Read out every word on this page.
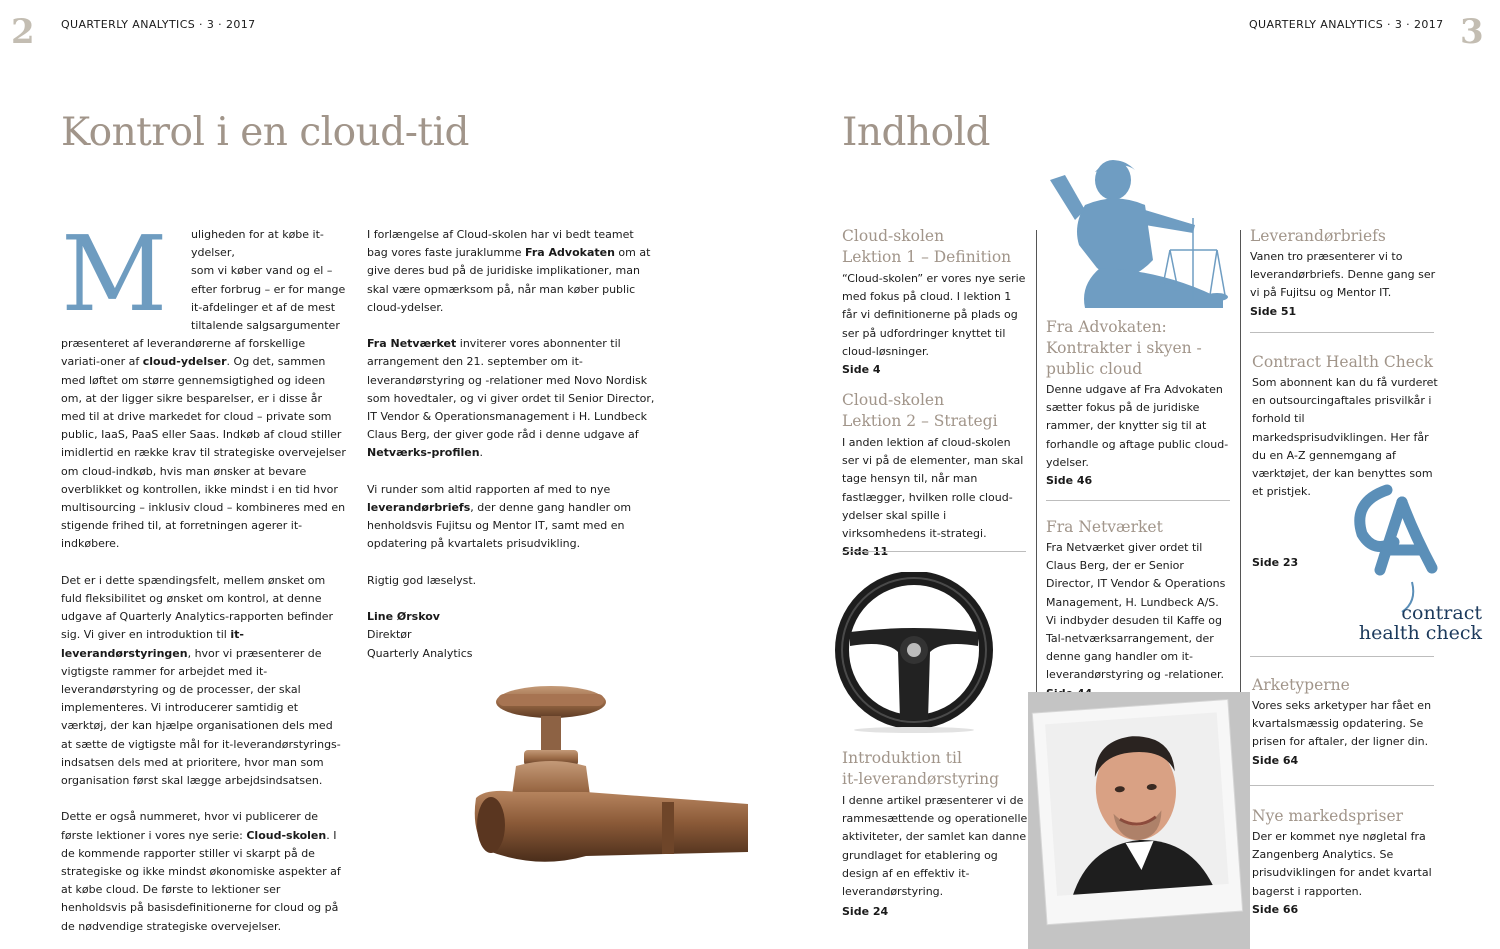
2 QUARTERLY ANALYTICS · 3 · 2017
Kontrol i en cloud-tid
M uligheden for at købe it-ydelser,
som vi køber vand og el –
efter forbrug – er for mange
it-afdelinger et af de mest
tiltalende salgsargumenter

præsenteret af leverandørerne af forskellige variati-oner af cloud-ydelser. Og det, sammen med løftet om større gennemsigtighed og ideen om, at der ligger sikre besparelser, er i disse år med til at drive markedet for cloud – private som public, IaaS, PaaS eller Saas. Indkøb af cloud stiller imidlertid en række krav til strategiske overvejelser om cloud-indkøb, hvis man ønsker at bevare overblikket og kontrollen, ikke mindst i en tid hvor multisourcing – inklusiv cloud – kombineres med en stigende frihed til, at forretningen agerer it-indkøbere.

Det er i dette spændingsfelt, mellem ønsket om fuld fleksibilitet og ønsket om kontrol, at denne udgave af Quarterly Analytics-rapporten befinder sig. Vi giver en introduktion til it-leverandørstyringen, hvor vi præsenterer de vigtigste rammer for arbejdet med it-leverandørstyring og de processer, der skal implementeres. Vi introducerer samtidig et værktøj, der kan hjælpe organisationen dels med at sætte de vigtigste mål for it-leverandørstyrings-indsatsen dels med at prioritere, hvor man som organisation først skal lægge arbejdsindsatsen.

Dette er også nummeret, hvor vi publicerer de første lektioner i vores nye serie: Cloud-skolen. I de kommende rapporter stiller vi skarpt på de strategiske og ikke mindst økonomiske aspekter af at købe cloud. De første to lektioner ser henholdsvis på basisdefinitionerne for cloud og på de nødvendige strategiske overvejelser.

I forlængelse af Cloud-skolen har vi bedt teamet bag vores faste juraklumme Fra Advokaten om at give deres bud på de juridiske implikationer, man skal være opmærksom på, når man køber public cloud-ydelser.

Fra Netværket inviterer vores abonnenter til arrangement den 21. september om it-leverandørstyring og -relationer med Novo Nordisk som hovedtaler, og vi giver ordet til Senior Director, IT Vendor & Operationsmanagement i H. Lundbeck Claus Berg, der giver gode råd i denne udgave af Netværks-profilen.

Vi runder som altid rapporten af med to nye leverandørbriefs, der denne gang handler om henholdsvis Fujitsu og Mentor IT, samt med en opdatering på kvartalets prisudvikling.

Rigtig god læselyst.

Line Ørskov
Direktør
Quarterly Analytics
QUARTERLY ANALYTICS · 3 · 2017 3
Indhold
Cloud-skolen
Lektion 1 – Definition
“Cloud-skolen” er vores nye serie med fokus på cloud. I lektion 1 får vi definitionerne på plads og ser på udfordringer knyttet til cloud-løsninger.
Side 4
Cloud-skolen
Lektion 2 – Strategi
I anden lektion af cloud-skolen ser vi på de elementer, man skal tage hensyn til, når man fastlægger, hvilken rolle cloud-ydelser skal spille i virksomhedens it-strategi.
Introduktion til
it-leverandørstyring
I denne artikel præsenterer vi de rammesættende og operationelle aktiviteter, der samlet kan danne grundlaget for etablering og design af en effektiv it-leverandørstyring.
Side 24
Fra Advokaten:
Kontrakter i skyen -
public cloud
Denne udgave af Fra Advokaten sætter fokus på de juridiske rammer, der knytter sig til at forhandle og aftage public cloud-ydelser.
Side 46
Fra Netværket
Fra Netværket giver ordet til Claus Berg, der er Senior Director, IT Vendor & Operations Management, H. Lundbeck A/S. Vi indbyder desuden til Kaffe og Tal-netværksarrangement, der denne gang handler om it-leverandørstyring og -relationer.
Leverandørbriefs
Vanen tro præsenterer vi to leverandørbriefs. Denne gang ser vi på Fujitsu og Mentor IT.
Side 51
Contract Health Check
Som abonnent kan du få vurderet en outsourcingaftales prisvilkår i forhold til markedsprisudviklingen. Her får du en A-Z gennemgang af værktøjet, der kan benyttes som et pristjek.
contract
health check
Arketyperne
Vores seks arketyper har fået en kvartalsmæssig opdatering. Se prisen for aftaler, der ligner din.
Side 64
Nye markedspriser
Der er kommet nye nøgletal fra Zangenberg Analytics. Se prisudviklingen for andet kvartal bagerst i rapporten.
Side 66
Side 23
